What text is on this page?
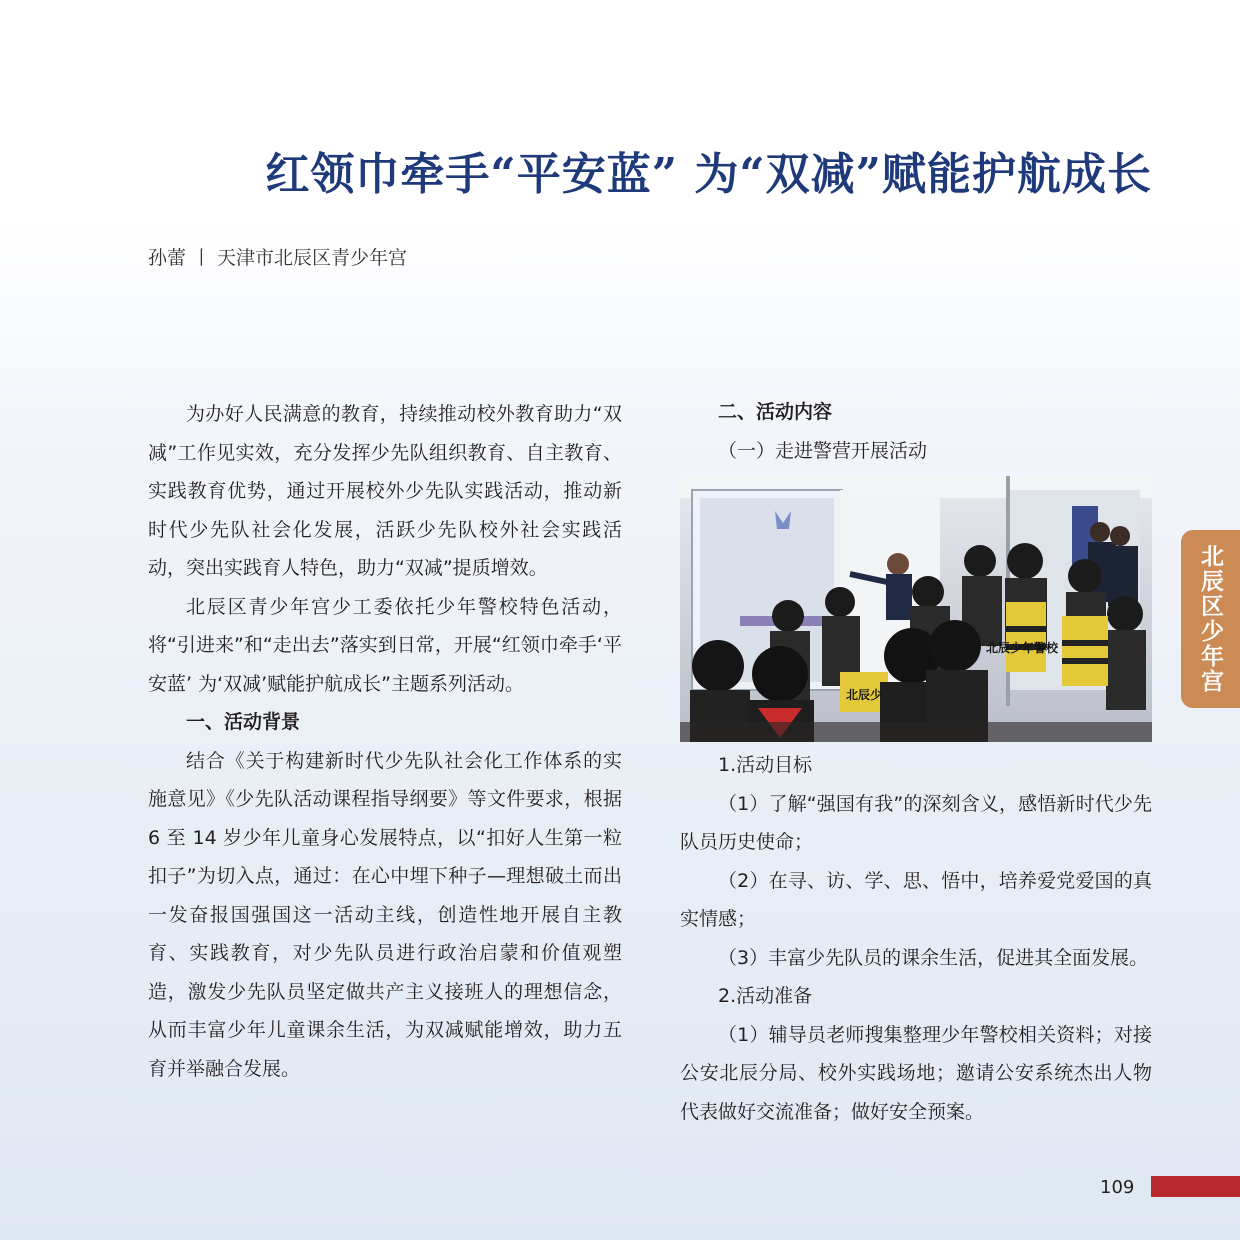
红领巾牵手“平安蓝” 为“双减”赋能护航成长
孙蕾 丨 天津市北辰区青少年宫

为办好人民满意的教育，持续推动校外教育助力“双减”工作见实效，充分发挥少先队组织教育、自主教育、实践教育优势，通过开展校外少先队实践活动，推动新时代少先队社会化发展，活跃少先队校外社会实践活动，突出实践育人特色，助力“双减”提质增效。

北辰区青少年宫少工委依托少年警校特色活动，将“引进来”和“走出去”落实到日常，开展“红领巾牵手‘平安蓝’ 为‘双减’赋能护航成长”主题系列活动。

一、活动背景

结合《关于构建新时代少先队社会化工作体系的实施意见》《少先队活动课程指导纲要》等文件要求，根据 6 至 14 岁少年儿童身心发展特点，以“扣好人生第一粒扣子”为切入点，通过：在心中埋下种子—理想破土而出一发奋报国强国这一活动主线，创造性地开展自主教育、实践教育，对少先队员进行政治启蒙和价值观塑造，激发少先队员坚定做共产主义接班人的理想信念，从而丰富少年儿童课余生活，为双减赋能增效，助力五育并举融合发展。

二、活动内容

（一）走进警营开展活动

北辰少年警校
北辰少

1.活动目标

（1）了解“强国有我”的深刻含义，感悟新时代少先队员历史使命；

（2）在寻、访、学、思、悟中，培养爱党爱国的真实情感；

（3）丰富少先队员的课余生活，促进其全面发展。

2.活动准备

（1）辅导员老师搜集整理少年警校相关资料；对接公安北辰分局、校外实践场地；邀请公安系统杰出人物代表做好交流准备；做好安全预案。

北辰区少年宫
109
